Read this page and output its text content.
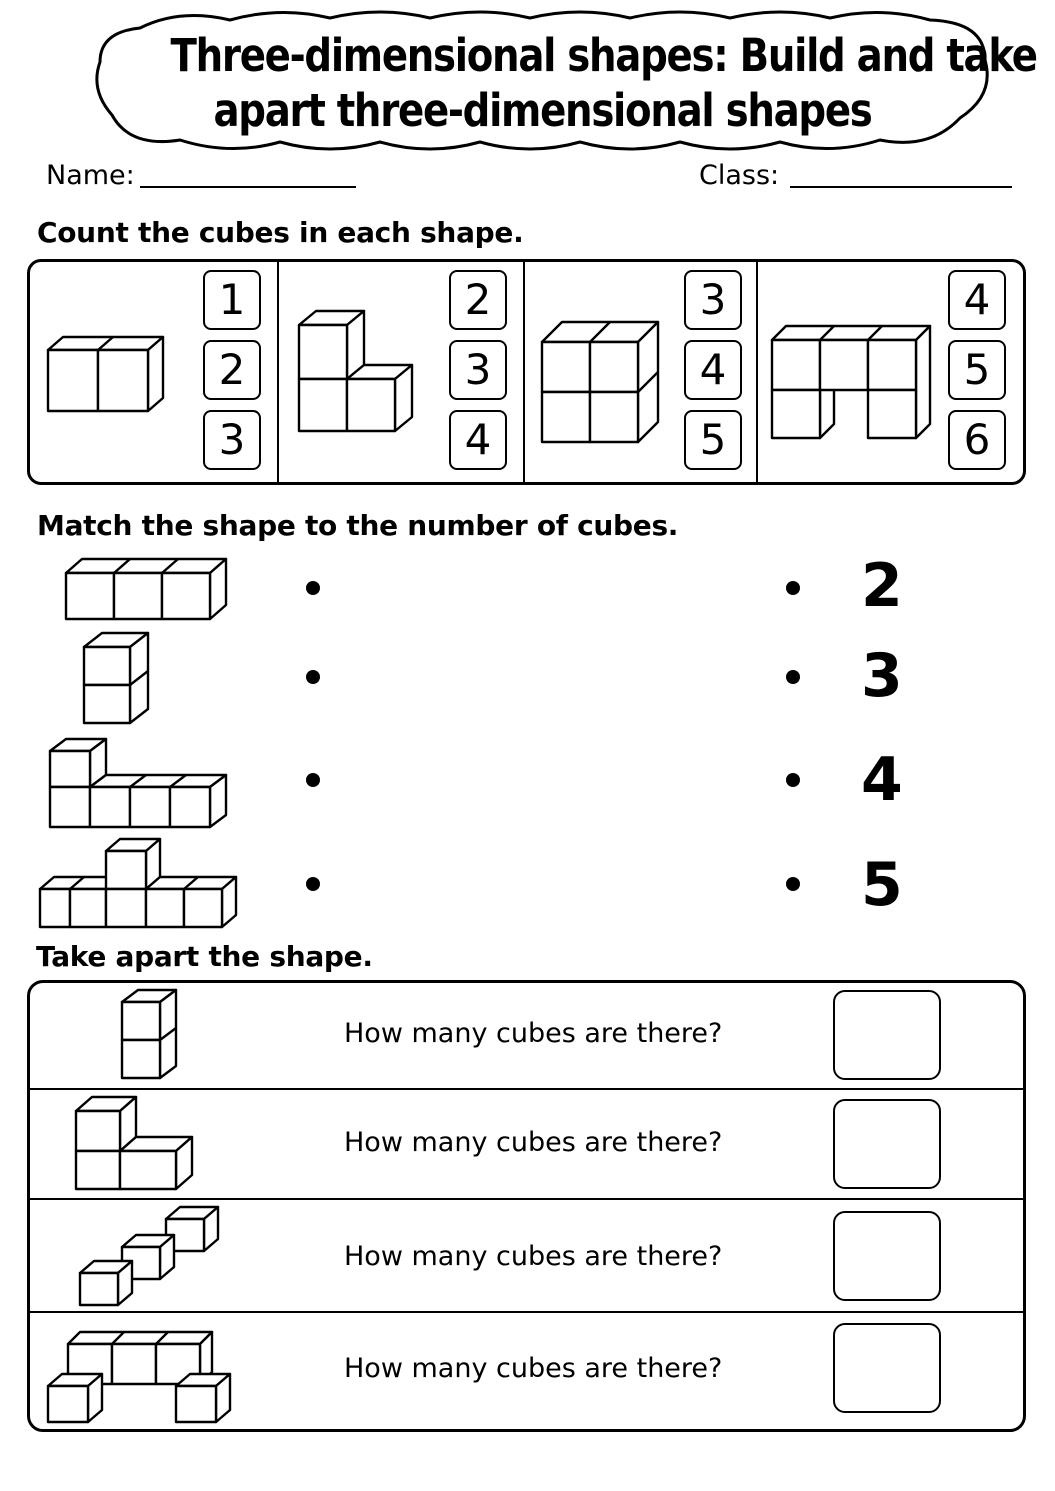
Three-dimensional shapes: Build and take
apart three-dimensional shapes
Name:	Class:
Count the cubes in each shape.
1
2
3
2
3
4
3
4
5
4
5
6
Match the shape to the number of cubes.
2
3
4
5
Take apart the shape.
How many cubes are there?
How many cubes are there?
How many cubes are there?
How many cubes are there?
